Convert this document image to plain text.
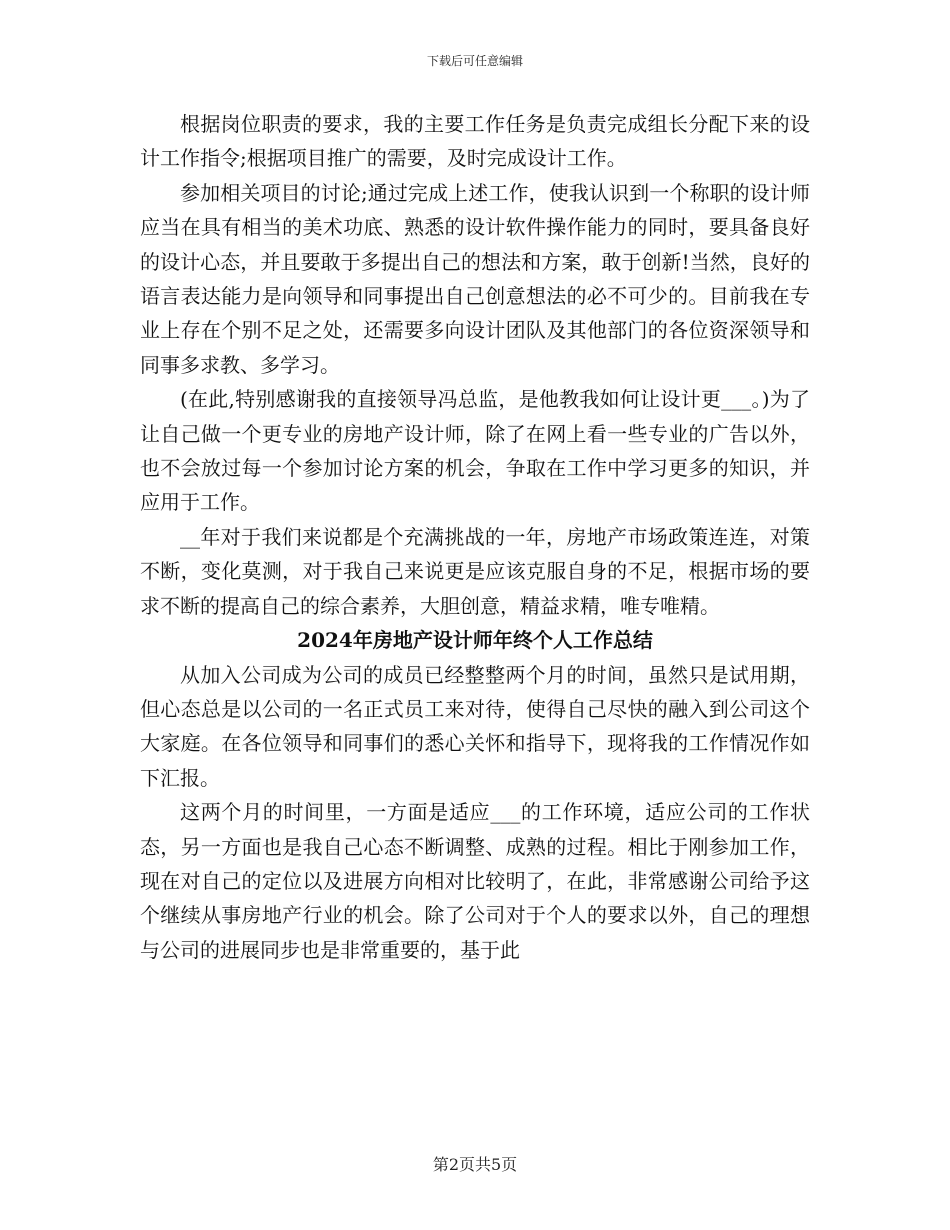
下载后可任意编辑

根据岗位职责的要求，我的主要工作任务是负责完成组长分配下来的设计工作指令;根据项目推广的需要，及时完成设计工作。

参加相关项目的讨论;通过完成上述工作，使我认识到一个称职的设计师应当在具有相当的美术功底、熟悉的设计软件操作能力的同时，要具备良好的设计心态，并且要敢于多提出自己的想法和方案，敢于创新!当然，良好的语言表达能力是向领导和同事提出自己创意想法的必不可少的。目前我在专业上存在个别不足之处，还需要多向设计团队及其他部门的各位资深领导和同事多求教、多学习。

(在此,特别感谢我的直接领导冯总监，是他教我如何让设计更___。)为了让自己做一个更专业的房地产设计师，除了在网上看一些专业的广告以外，也不会放过每一个参加讨论方案的机会，争取在工作中学习更多的知识，并应用于工作。

__年对于我们来说都是个充满挑战的一年，房地产市场政策连连，对策不断，变化莫测，对于我自己来说更是应该克服自身的不足，根据市场的要求不断的提高自己的综合素养，大胆创意，精益求精，唯专唯精。

2024年房地产设计师年终个人工作总结

从加入公司成为公司的成员已经整整两个月的时间，虽然只是试用期，但心态总是以公司的一名正式员工来对待，使得自己尽快的融入到公司这个大家庭。在各位领导和同事们的悉心关怀和指导下，现将我的工作情况作如下汇报。

这两个月的时间里，一方面是适应___的工作环境，适应公司的工作状态，另一方面也是我自己心态不断调整、成熟的过程。相比于刚参加工作，现在对自己的定位以及进展方向相对比较明了，在此，非常感谢公司给予这个继续从事房地产行业的机会。除了公司对于个人的要求以外，自己的理想与公司的进展同步也是非常重要的，基于此

第2页共5页
